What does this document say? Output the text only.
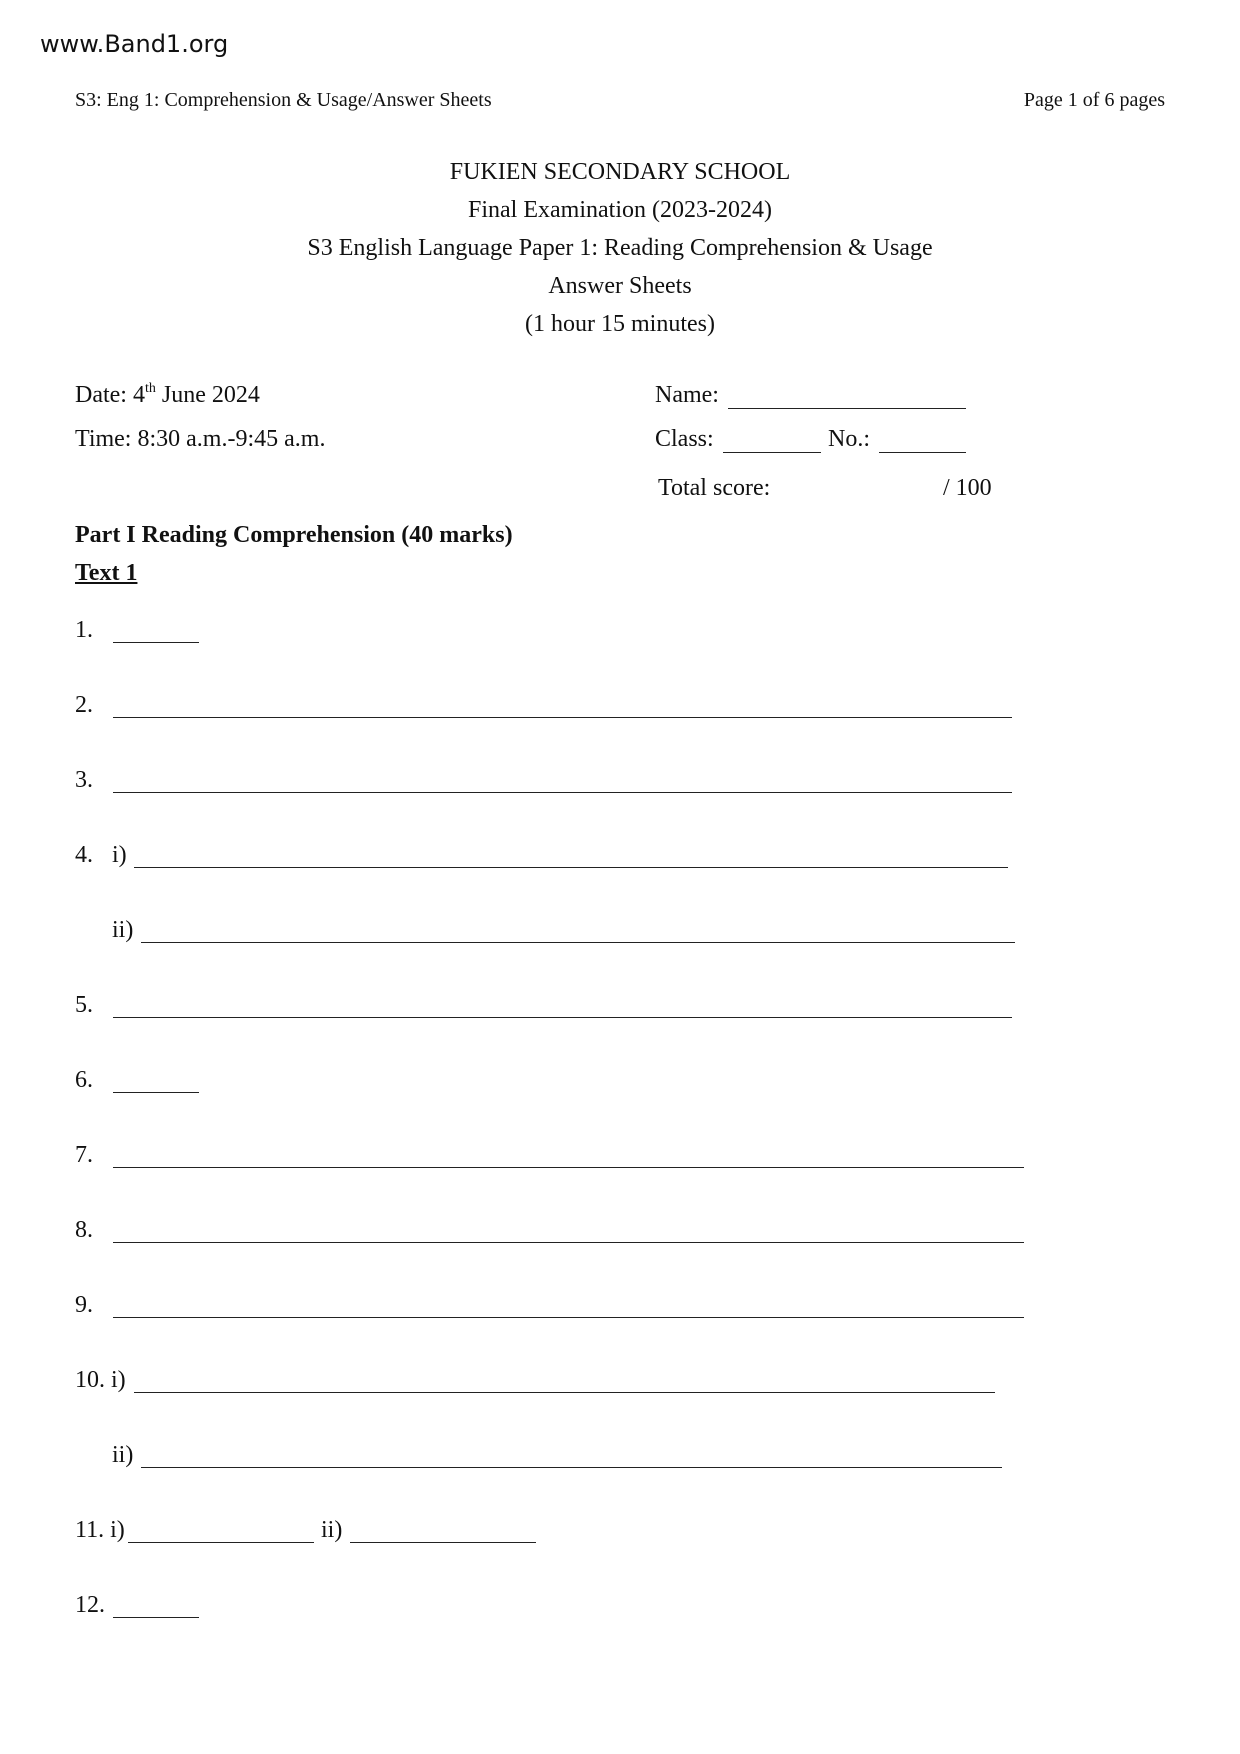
www.Band1.org
S3: Eng 1: Comprehension & Usage/Answer Sheets	Page 1 of 6 pages
FUKIEN SECONDARY SCHOOL
Final Examination (2023-2024)
S3 English Language Paper 1: Reading Comprehension & Usage
Answer Sheets
(1 hour 15 minutes)
Date: 4th June 2024
Time: 8:30 a.m.-9:45 a.m.
Name:
Class:	No.:
Total score:	/ 100
Part I Reading Comprehension (40 marks)
Text 1
1.
2.
3.
4. i)
ii)
5.
6.
7.
8.
9.
10. i)
ii)
11. i)	ii)
12.
